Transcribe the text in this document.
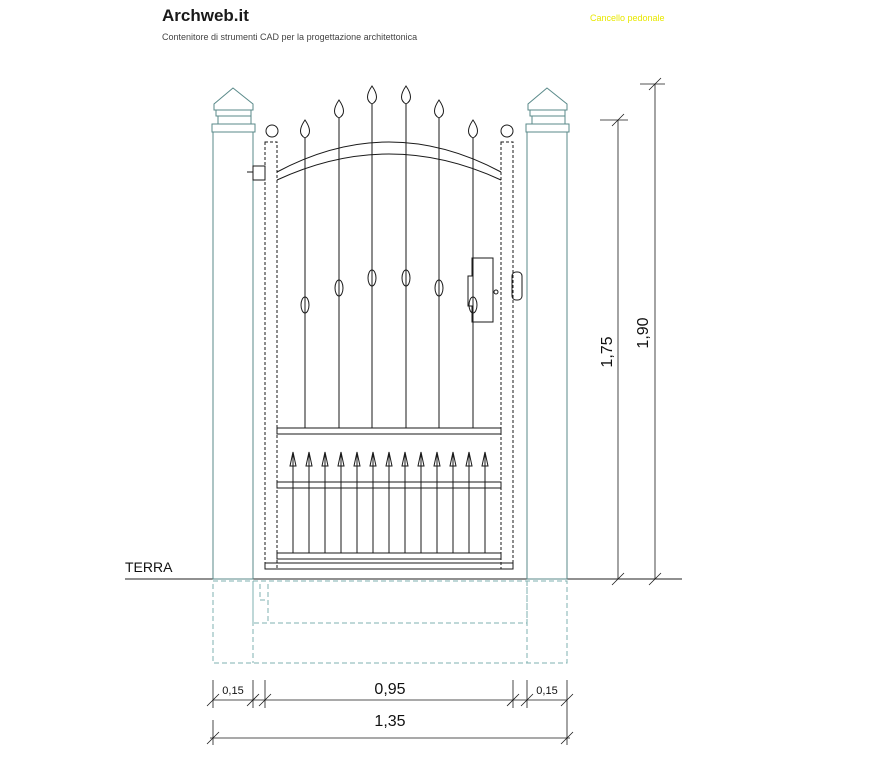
Archweb.it
Contenitore di strumenti CAD per la progettazione architettonica
Cancello pedonale
TERRA
1,75
1,90
0,15	0,95	0,15
1,35
